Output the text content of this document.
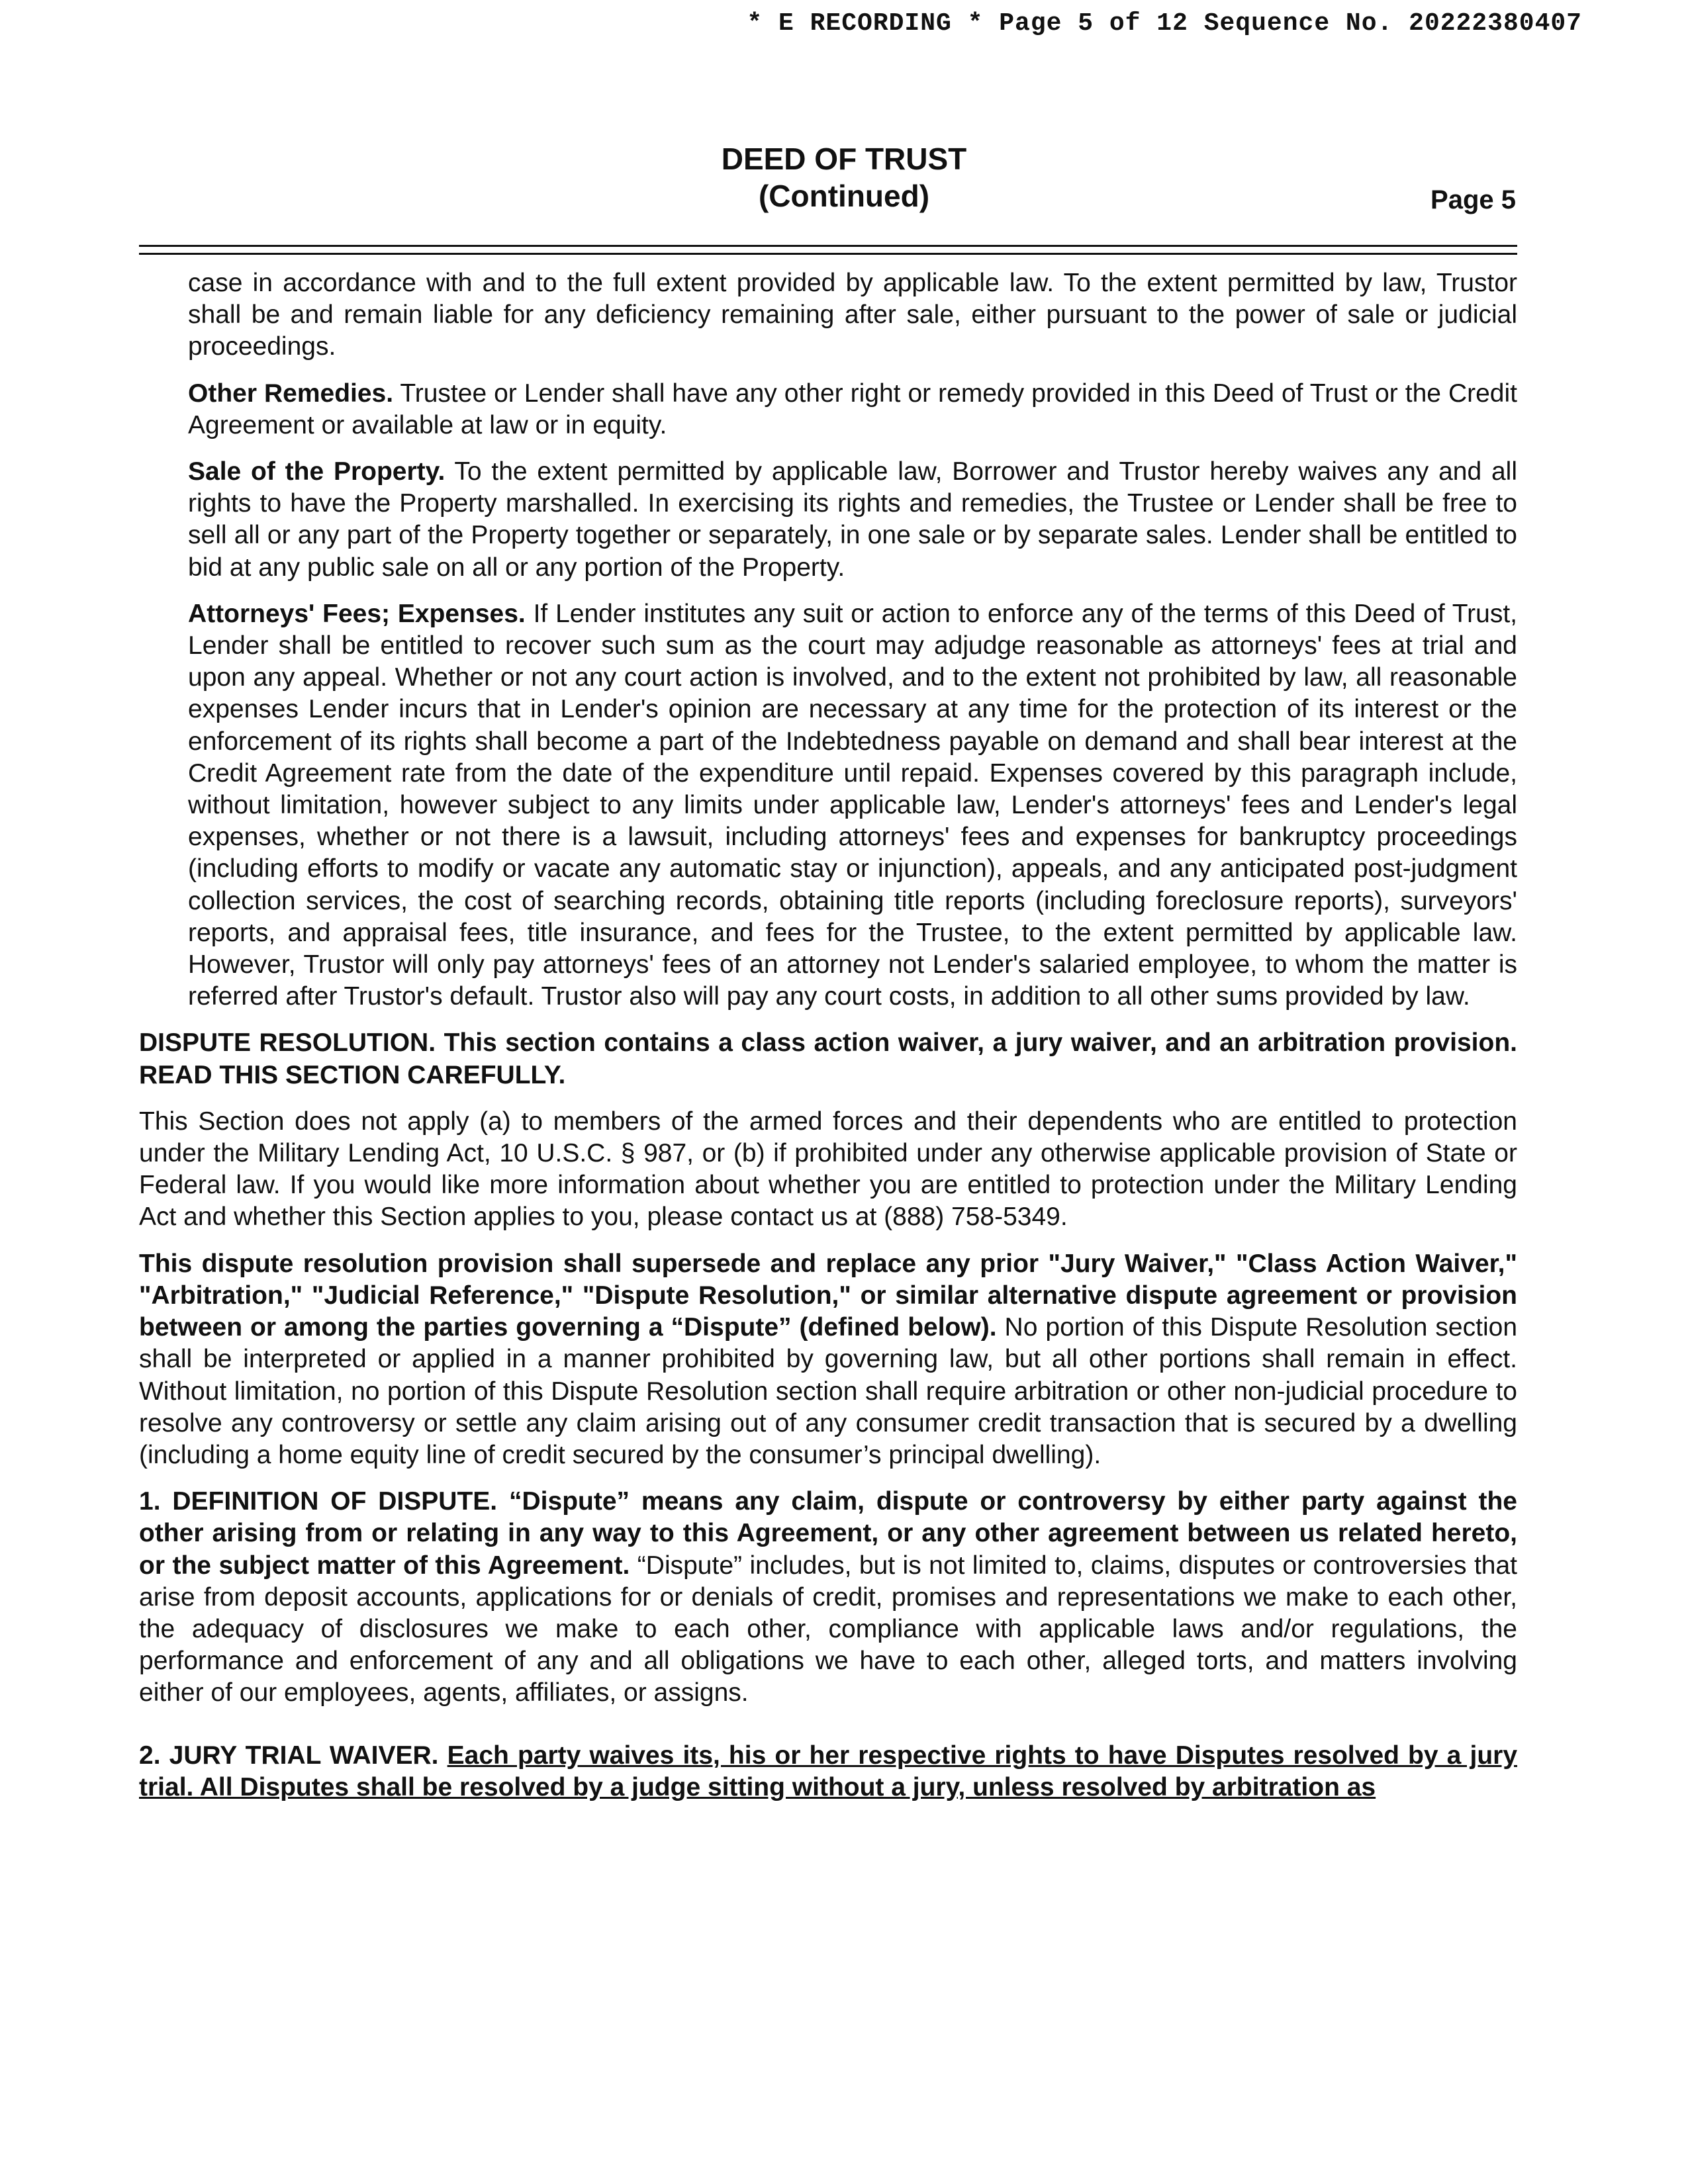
* E RECORDING * Page 5 of 12 Sequence No. 20222380407
DEED OF TRUST
(Continued)	Page 5

case in accordance with and to the full extent provided by applicable law. To the extent permitted by law, Trustor shall be and remain liable for any deficiency remaining after sale, either pursuant to the power of sale or judicial proceedings.

Other Remedies. Trustee or Lender shall have any other right or remedy provided in this Deed of Trust or the Credit Agreement or available at law or in equity.

Sale of the Property. To the extent permitted by applicable law, Borrower and Trustor hereby waives any and all rights to have the Property marshalled. In exercising its rights and remedies, the Trustee or Lender shall be free to sell all or any part of the Property together or separately, in one sale or by separate sales. Lender shall be entitled to bid at any public sale on all or any portion of the Property.

Attorneys' Fees; Expenses. If Lender institutes any suit or action to enforce any of the terms of this Deed of Trust, Lender shall be entitled to recover such sum as the court may adjudge reasonable as attorneys' fees at trial and upon any appeal. Whether or not any court action is involved, and to the extent not prohibited by law, all reasonable expenses Lender incurs that in Lender's opinion are necessary at any time for the protection of its interest or the enforcement of its rights shall become a part of the Indebtedness payable on demand and shall bear interest at the Credit Agreement rate from the date of the expenditure until repaid. Expenses covered by this paragraph include, without limitation, however subject to any limits under applicable law, Lender's attorneys' fees and Lender's legal expenses, whether or not there is a lawsuit, including attorneys' fees and expenses for bankruptcy proceedings (including efforts to modify or vacate any automatic stay or injunction), appeals, and any anticipated post-judgment collection services, the cost of searching records, obtaining title reports (including foreclosure reports), surveyors' reports, and appraisal fees, title insurance, and fees for the Trustee, to the extent permitted by applicable law. However, Trustor will only pay attorneys' fees of an attorney not Lender's salaried employee, to whom the matter is referred after Trustor's default. Trustor also will pay any court costs, in addition to all other sums provided by law.

DISPUTE RESOLUTION. This section contains a class action waiver, a jury waiver, and an arbitration provision. READ THIS SECTION CAREFULLY.

This Section does not apply (a) to members of the armed forces and their dependents who are entitled to protection under the Military Lending Act, 10 U.S.C. § 987, or (b) if prohibited under any otherwise applicable provision of State or Federal law. If you would like more information about whether you are entitled to protection under the Military Lending Act and whether this Section applies to you, please contact us at (888) 758-5349.

This dispute resolution provision shall supersede and replace any prior "Jury Waiver," "Class Action Waiver," "Arbitration," "Judicial Reference," "Dispute Resolution," or similar alternative dispute agreement or provision between or among the parties governing a “Dispute” (defined below). No portion of this Dispute Resolution section shall be interpreted or applied in a manner prohibited by governing law, but all other portions shall remain in effect. Without limitation, no portion of this Dispute Resolution section shall require arbitration or other non-judicial procedure to resolve any controversy or settle any claim arising out of any consumer credit transaction that is secured by a dwelling (including a home equity line of credit secured by the consumer’s principal dwelling).

1. DEFINITION OF DISPUTE. “Dispute” means any claim, dispute or controversy by either party against the other arising from or relating in any way to this Agreement, or any other agreement between us related hereto, or the subject matter of this Agreement. “Dispute” includes, but is not limited to, claims, disputes or controversies that arise from deposit accounts, applications for or denials of credit, promises and representations we make to each other, the adequacy of disclosures we make to each other, compliance with applicable laws and/or regulations, the performance and enforcement of any and all obligations we have to each other, alleged torts, and matters involving either of our employees, agents, affiliates, or assigns.

2. JURY TRIAL WAIVER. Each party waives its, his or her respective rights to have Disputes resolved by a jury trial. All Disputes shall be resolved by a judge sitting without a jury, unless resolved by arbitration as
